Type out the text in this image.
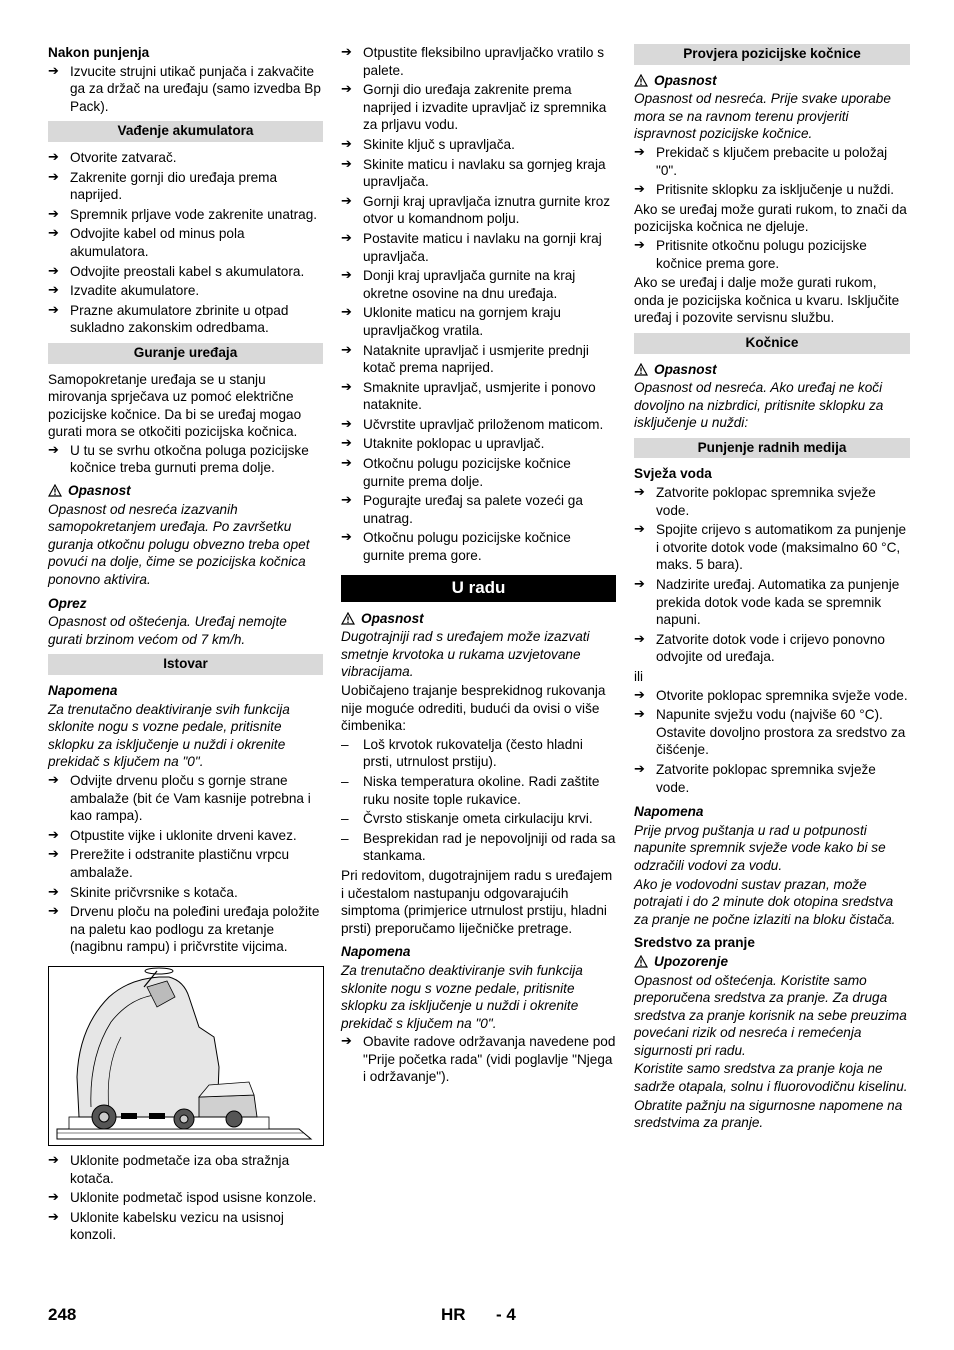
Nakon punjenja
➔ Izvucite strujni utikač punjača i zakvačite ga za držač na uređaju (samo izvedba Bp Pack).
Vađenje akumulatora
➔ Otvorite zatvarač.
➔ Zakrenite gornji dio uređaja prema naprijed.
➔ Spremnik prljave vode zakrenite unatrag.
➔ Odvojite kabel od minus pola akumulatora.
➔ Odvojite preostali kabel s akumulatora.
➔ Izvadite akumulatore.
➔ Prazne akumulatore zbrinite u otpad sukladno zakonskim odredbama.
Guranje uređaja
Samopokretanje uređaja se u stanju mirovanja sprječava uz pomoć električne pozicijske kočnice. Da bi se uređaj mogao gurati mora se otkočiti pozicijska kočnica.
➔ U tu se svrhu otkočna poluga pozicijske kočnice treba gurnuti prema dolje.
Opasnost
Opasnost od nesreća izazvanih samopokretanjem uređaja. Po završetku guranja otkočnu polugu obvezno treba opet povući na dolje, čime se pozicijska kočnica ponovno aktivira.
Oprez
Opasnost od oštećenja. Uređaj nemojte gurati brzinom većom od 7 km/h.
Istovar
Napomena
Za trenutačno deaktiviranje svih funkcija sklonite nogu s vozne pedale, pritisnite sklopku za isključenje u nuždi i okrenite prekidač s ključem na "0".
➔ Odvijte drvenu ploču s gornje strane ambalaže (bit će Vam kasnije potrebna i kao rampa).
➔ Otpustite vijke i uklonite drveni kavez.
➔ Prerežite i odstranite plastičnu vrpcu ambalaže.
➔ Skinite pričvrsnike s kotača.
➔ Drvenu ploču na poleđini uređaja položite na paletu kao podlogu za kretanje (nagibnu rampu) i pričvrstite vijcima.
➔ Uklonite podmetače iza oba stražnja kotača.
➔ Uklonite podmetač ispod usisne konzole.
➔ Uklonite kabelsku vezicu na usisnoj konzoli.
➔ Otpustite fleksibilno upravljačko vratilo s palete.
➔ Gornji dio uređaja zakrenite prema naprijed i izvadite upravljač iz spremnika za prljavu vodu.
➔ Skinite ključ s upravljača.
➔ Skinite maticu i navlaku sa gornjeg kraja upravljača.
➔ Gornji kraj upravljača iznutra gurnite kroz otvor u komandnom polju.
➔ Postavite maticu i navlaku na gornji kraj upravljača.
➔ Donji kraj upravljača gurnite na kraj okretne osovine na dnu uređaja.
➔ Uklonite maticu na gornjem kraju upravljačkog vratila.
➔ Nataknite upravljač i usmjerite prednji kotač prema naprijed.
➔ Smaknite upravljač, usmjerite i ponovo nataknite.
➔ Učvrstite upravljač priloženom maticom.
➔ Utaknite poklopac u upravljač.
➔ Otkočnu polugu pozicijske kočnice gurnite prema dolje.
➔ Pogurajte uređaj sa palete vozeći ga unatrag.
➔ Otkočnu polugu pozicijske kočnice gurnite prema gore.
U radu
Opasnost
Dugotrajniji rad s uređajem može izazvati smetnje krvotoka u rukama uzvjetovane vibracijama.
Uobičajeno trajanje besprekidnog rukovanja nije moguće odrediti, budući da ovisi o više čimbenika:
– Loš krvotok rukovatelja (često hladni prsti, utrnulost prstiju).
– Niska temperatura okoline. Radi zaštite ruku nosite tople rukavice.
– Čvrsto stiskanje ometa cirkulaciju krvi.
– Besprekidan rad je nepovoljniji od rada sa stankama.
Pri redovitom, dugotrajnijem radu s uređajem i učestalom nastupanju odgovarajućih simptoma (primjerice utrnulost prstiju, hladni prsti) preporučamo liječničke pretrage.
Napomena
Za trenutačno deaktiviranje svih funkcija sklonite nogu s vozne pedale, pritisnite sklopku za isključenje u nuždi i okrenite prekidač s ključem na "0".
➔ Obavite radove održavanja navedene pod "Prije početka rada" (vidi poglavlje "Njega i održavanje").
Provjera pozicijske kočnice
Opasnost
Opasnost od nesreća. Prije svake uporabe mora se na ravnom terenu provjeriti ispravnost pozicijske kočnice.
➔ Prekidač s ključem prebacite u položaj "0".
➔ Pritisnite sklopku za isključenje u nuždi.
Ako se uređaj može gurati rukom, to znači da pozicijska kočnica ne djeluje.
➔ Pritisnite otkočnu polugu pozicijske kočnice prema gore.
Ako se uređaj i dalje može gurati rukom, onda je pozicijska kočnica u kvaru. Isključite uređaj i pozovite servisnu službu.
Kočnice
Opasnost
Opasnost od nesreća. Ako uređaj ne koči dovoljno na nizbrdici, pritisnite sklopku za isključenje u nuždi:
Punjenje radnih medija
Svježa voda
➔ Zatvorite poklopac spremnika svježe vode.
➔ Spojite crijevo s automatikom za punjenje i otvorite dotok vode (maksimalno 60 °C, maks. 5 bara).
➔ Nadzirite uređaj. Automatika za punjenje prekida dotok vode kada se spremnik napuni.
➔ Zatvorite dotok vode i crijevo ponovno odvojite od uređaja.
ili
➔ Otvorite poklopac spremnika svježe vode.
➔ Napunite svježu vodu (najviše 60 °C). Ostavite dovoljno prostora za sredstvo za čišćenje.
➔ Zatvorite poklopac spremnika svježe vode.
Napomena
Prije prvog puštanja u rad u potpunosti napunite spremnik svježe vode kako bi se odzračili vodovi za vodu.
Ako je vodovodni sustav prazan, može potrajati i do 2 minute dok otopina sredstva za pranje ne počne izlaziti na bloku čistača.
Sredstvo za pranje
Upozorenje
Opasnost od oštećenja. Koristite samo preporučena sredstva za pranje. Za druga sredstva za pranje korisnik na sebe preuzima povećani rizik od nesreća i remećenja sigurnosti pri radu.
Koristite samo sredstva za pranje koja ne sadrže otapala, solnu i fluorovodičnu kiselinu.
Obratite pažnju na sigurnosne napomene na sredstvima za pranje.
248	HR - 4
